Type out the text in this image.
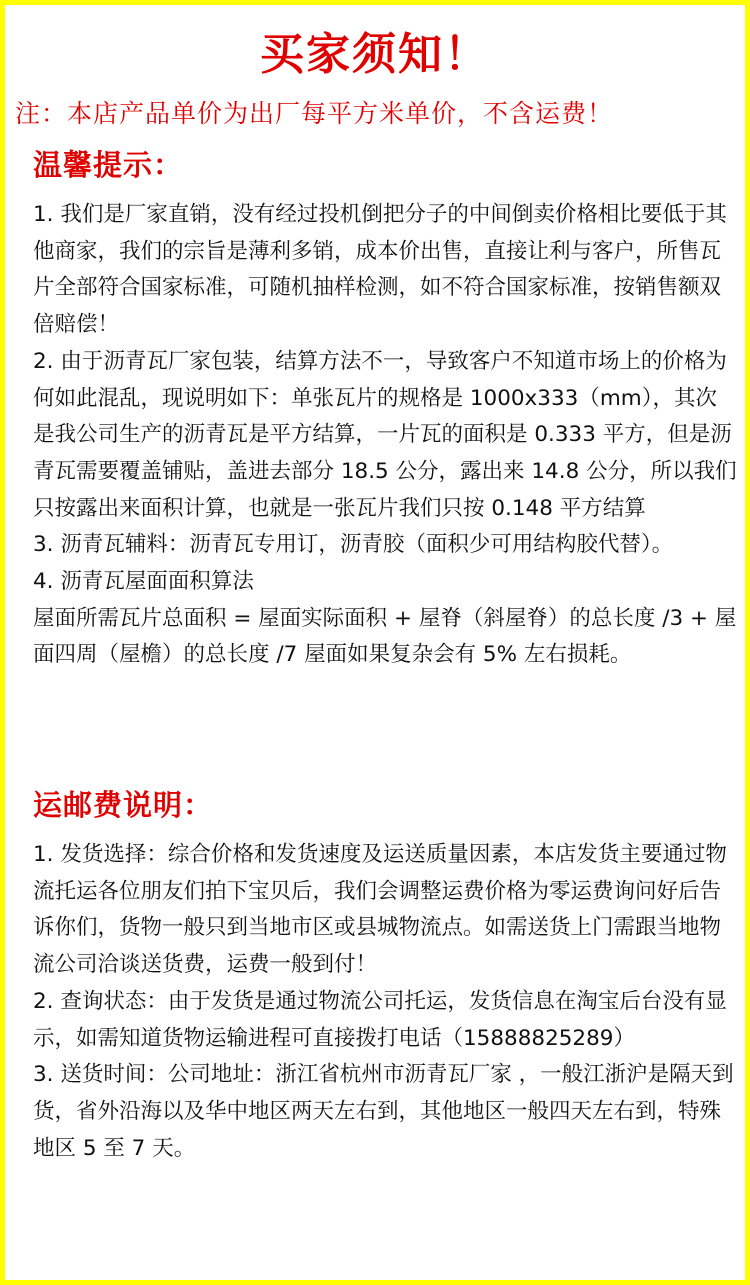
买家须知！
注：本店产品单价为出厂每平方米单价，不含运费！
温馨提示：

1. 我们是厂家直销，没有经过投机倒把分子的中间倒卖价格相比要低于其他商家，我们的宗旨是薄利多销，成本价出售，直接让利与客户，所售瓦片全部符合国家标准，可随机抽样检测，如不符合国家标准，按销售额双倍赔偿！

2. 由于沥青瓦厂家包装，结算方法不一，导致客户不知道市场上的价格为何如此混乱，现说明如下：单张瓦片的规格是 1000x333（mm），其次是我公司生产的沥青瓦是平方结算，一片瓦的面积是 0.333 平方，但是沥青瓦需要覆盖铺贴，盖进去部分 18.5 公分，露出来 14.8 公分，所以我们只按露出来面积计算，也就是一张瓦片我们只按 0.148 平方结算

3. 沥青瓦辅料：沥青瓦专用订，沥青胶（面积少可用结构胶代替）。

4. 沥青瓦屋面面积算法

屋面所需瓦片总面积 = 屋面实际面积 + 屋脊（斜屋脊）的总长度 /3 + 屋面四周（屋檐）的总长度 /7 屋面如果复杂会有 5% 左右损耗。

运邮费说明：

1. 发货选择：综合价格和发货速度及运送质量因素，本店发货主要通过物流托运各位朋友们拍下宝贝后，我们会调整运费价格为零运费询问好后告诉你们，货物一般只到当地市区或县城物流点。如需送货上门需跟当地物流公司洽谈送货费，运费一般到付！

2. 查询状态：由于发货是通过物流公司托运，发货信息在淘宝后台没有显示，如需知道货物运输进程可直接拨打电话（15888825289）

3. 送货时间：公司地址：浙江省杭州市沥青瓦厂家 ，一般江浙沪是隔天到货，省外沿海以及华中地区两天左右到，其他地区一般四天左右到，特殊地区 5 至 7 天。
